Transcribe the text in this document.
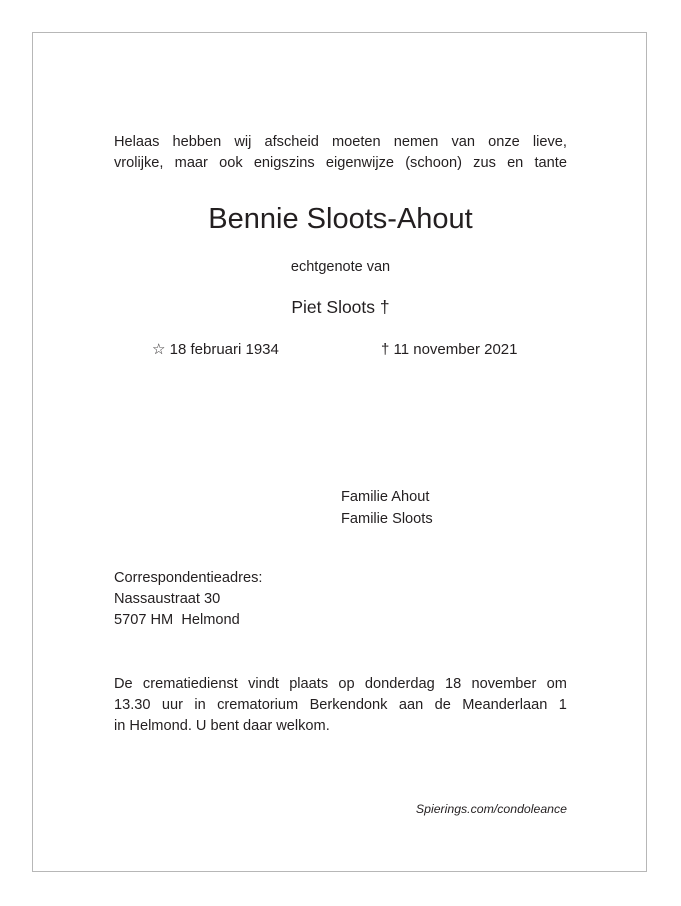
Helaas hebben wij afscheid moeten nemen van onze lieve,
vrolijke, maar ook enigszins eigenwijze (schoon) zus en tante
Bennie Sloots-Ahout
echtgenote van
Piet Sloots †
☆ 18 februari 1934	† 11 november 2021
Familie Ahout
Familie Sloots
Correspondentieadres:
Nassaustraat 30
5707 HM  Helmond
De crematiedienst vindt plaats op donderdag 18 november om
13.30 uur in crematorium Berkendonk aan de Meanderlaan 1
in Helmond. U bent daar welkom.
Spierings.com/condoleance
